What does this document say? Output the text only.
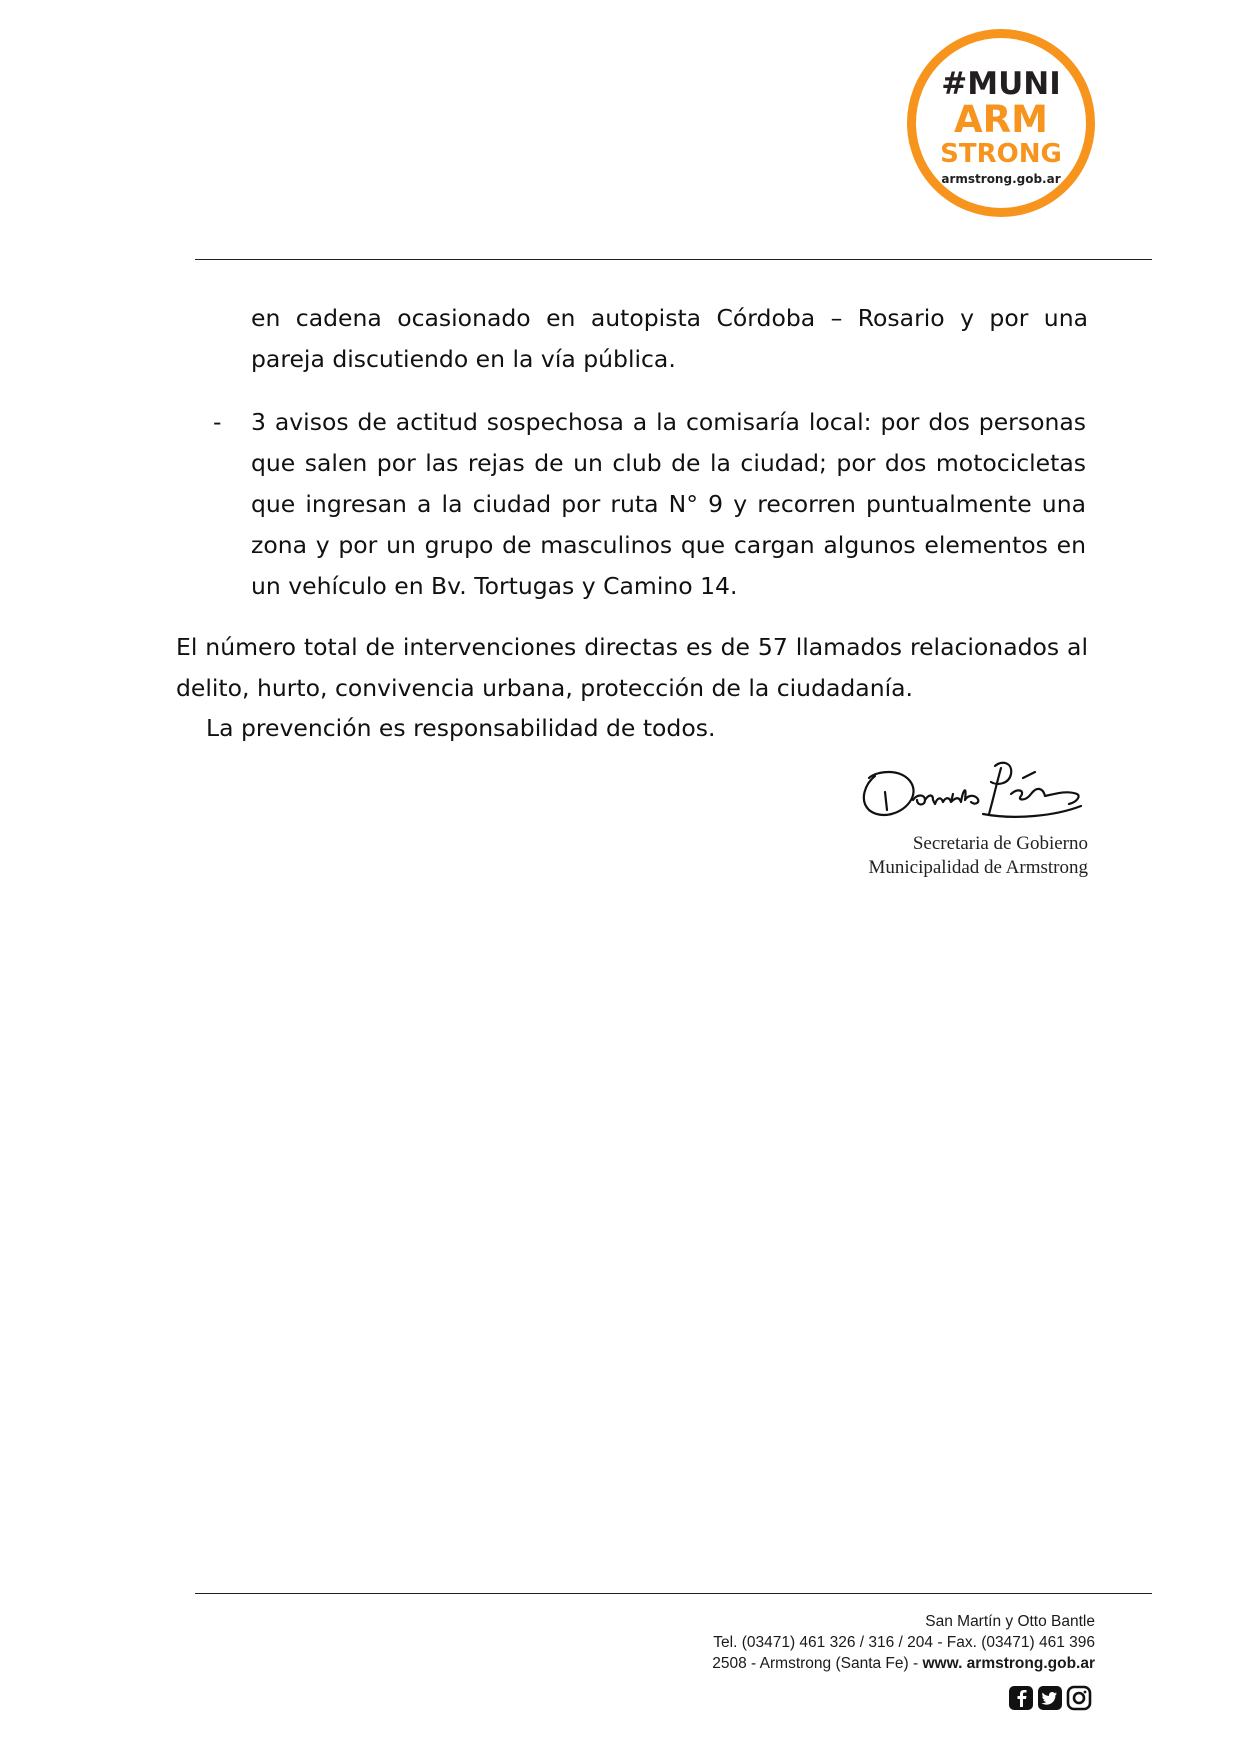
#MUNI
ARM
STRONG
armstrong.gob.ar
en cadena ocasionado en autopista Córdoba – Rosario y por una pareja discutiendo en la vía pública.
- 3 avisos de actitud sospechosa a la comisaría local: por dos personas que salen por las rejas de un club de la ciudad; por dos motocicletas que ingresan a la ciudad por ruta N° 9 y recorren puntualmente una zona y por un grupo de masculinos que cargan algunos elementos en un vehículo en Bv. Tortugas y Camino 14.
El número total de intervenciones directas es de 57 llamados relacionados al delito, hurto, convivencia urbana, protección de la ciudadanía.
La prevención es responsabilidad de todos.
Danilo Pérez
Secretaria de Gobierno
Municipalidad de Armstrong
San Martín y Otto Bantle
Tel. (03471) 461 326 / 316 / 204 - Fax. (03471) 461 396
2508 - Armstrong (Santa Fe) - www. armstrong.gob.ar
